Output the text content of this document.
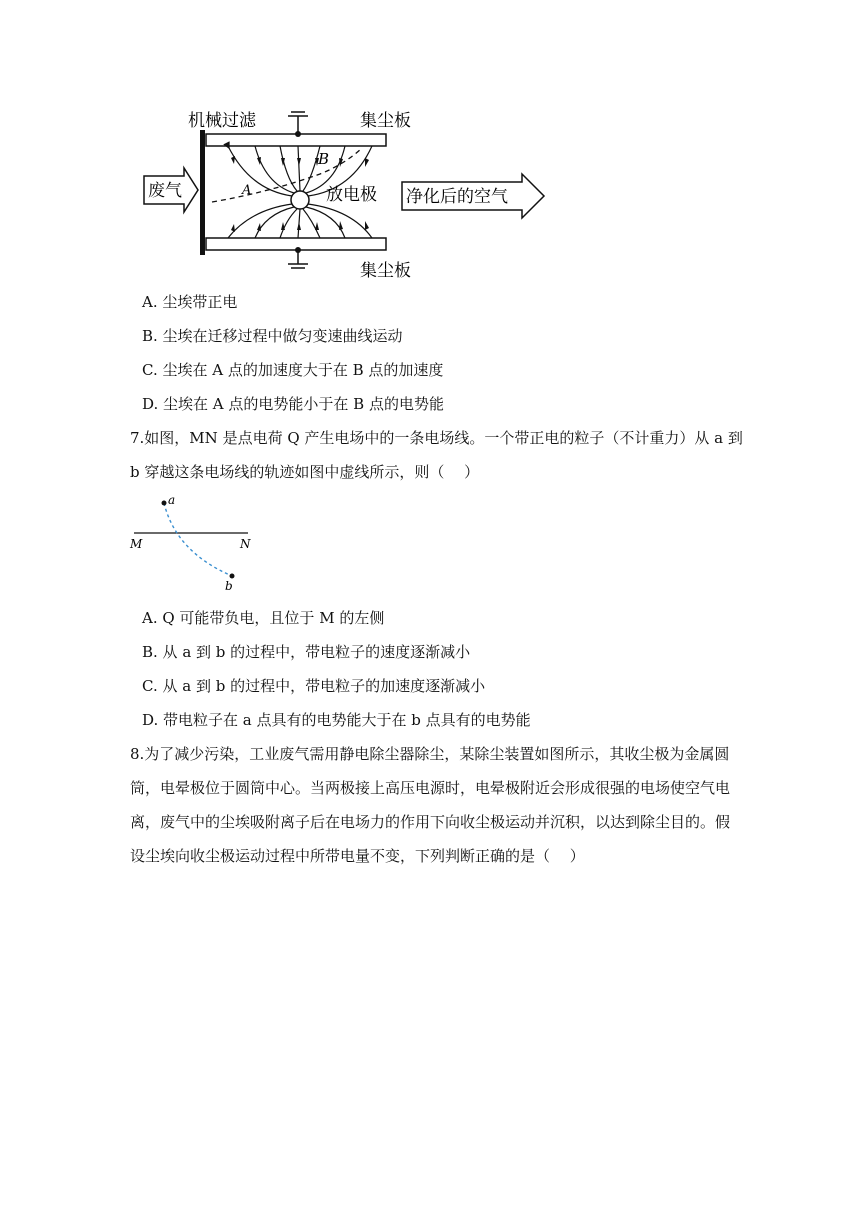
废气	净化后的空气
机械过滤	集尘板
集尘板
放电极
A
B
A. 尘埃带正电
B. 尘埃在迁移过程中做匀变速曲线运动
C. 尘埃在 A 点的加速度大于在 B 点的加速度
D. 尘埃在 A 点的电势能小于在 B 点的电势能
7.如图，MN 是点电荷 Q 产生电场中的一条电场线。一个带正电的粒子（不计重力）从 a 到
b 穿越这条电场线的轨迹如图中虚线所示，则（　 ）
a
b
M	N
A. Q 可能带负电，且位于 M 的左侧
B. 从 a 到 b 的过程中，带电粒子的速度逐渐减小
C. 从 a 到 b 的过程中，带电粒子的加速度逐渐减小
D. 带电粒子在 a 点具有的电势能大于在 b 点具有的电势能
8.为了减少污染，工业废气需用静电除尘器除尘，某除尘装置如图所示，其收尘极为金属圆
筒，电晕极位于圆筒中心。当两极接上高压电源时，电晕极附近会形成很强的电场使空气电
离，废气中的尘埃吸附离子后在电场力的作用下向收尘极运动并沉积，以达到除尘目的。假
设尘埃向收尘极运动过程中所带电量不变，下列判断正确的是（　 ）
